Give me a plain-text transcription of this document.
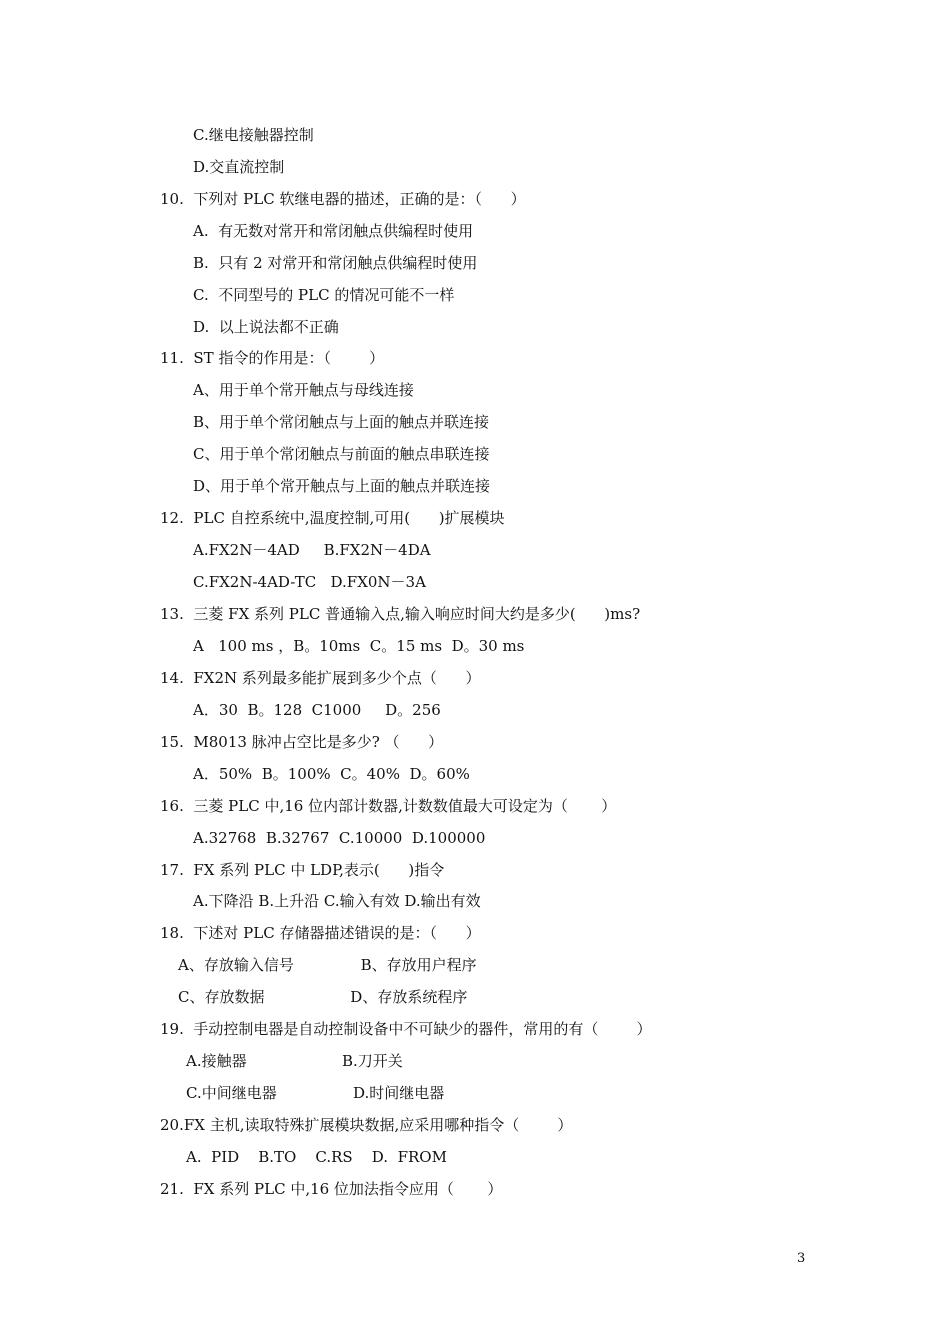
C.继电接触器控制
D.交直流控制
10.  下列对 PLC 软继电器的描述，正确的是：（      ）
A.  有无数对常开和常闭触点供编程时使用
B.  只有 2 对常开和常闭触点供编程时使用
C.  不同型号的 PLC 的情况可能不一样
D.  以上说法都不正确
11.  ST 指令的作用是：（        ）
A、用于单个常开触点与母线连接
B、用于单个常闭触点与上面的触点并联连接
C、用于单个常闭触点与前面的触点串联连接
D、用于单个常开触点与上面的触点并联连接
12.  PLC 自控系统中,温度控制,可用(      )扩展模块
A.FX2N－4AD     B.FX2N－4DA
C.FX2N-4AD-TC   D.FX0N－3A
13.  三菱 FX 系列 PLC 普通输入点,输入响应时间大约是多少(      )ms?
A   100 ms ，B。10ms  C。15 ms  D。30 ms
14.  FX2N 系列最多能扩展到多少个点（      ）
A．30  B。128  C1000     D。256
15.  M8013 脉冲占空比是多少? （      ）
A．50%  B。100%  C。40%  D。60%
16.  三菱 PLC 中,16 位内部计数器,计数数值最大可设定为（       ）
A.32768  B.32767  C.10000  D.100000
17.  FX 系列 PLC 中 LDP,表示(      )指令
A.下降沿 B.上升沿 C.输入有效 D.输出有效
18.  下述对 PLC 存储器描述错误的是：（      ）
A、存放输入信号              B、存放用户程序
C、存放数据                  D、存放系统程序
19.  手动控制电器是自动控制设备中不可缺少的器件，常用的有（        ）
A.接触器                    B.刀开关
C.中间继电器                D.时间继电器
20.FX 主机,读取特殊扩展模块数据,应采用哪种指令（        ）
A.  PID    B.TO    C.RS    D.  FROM
21.  FX 系列 PLC 中,16 位加法指令应用（       ）
3
